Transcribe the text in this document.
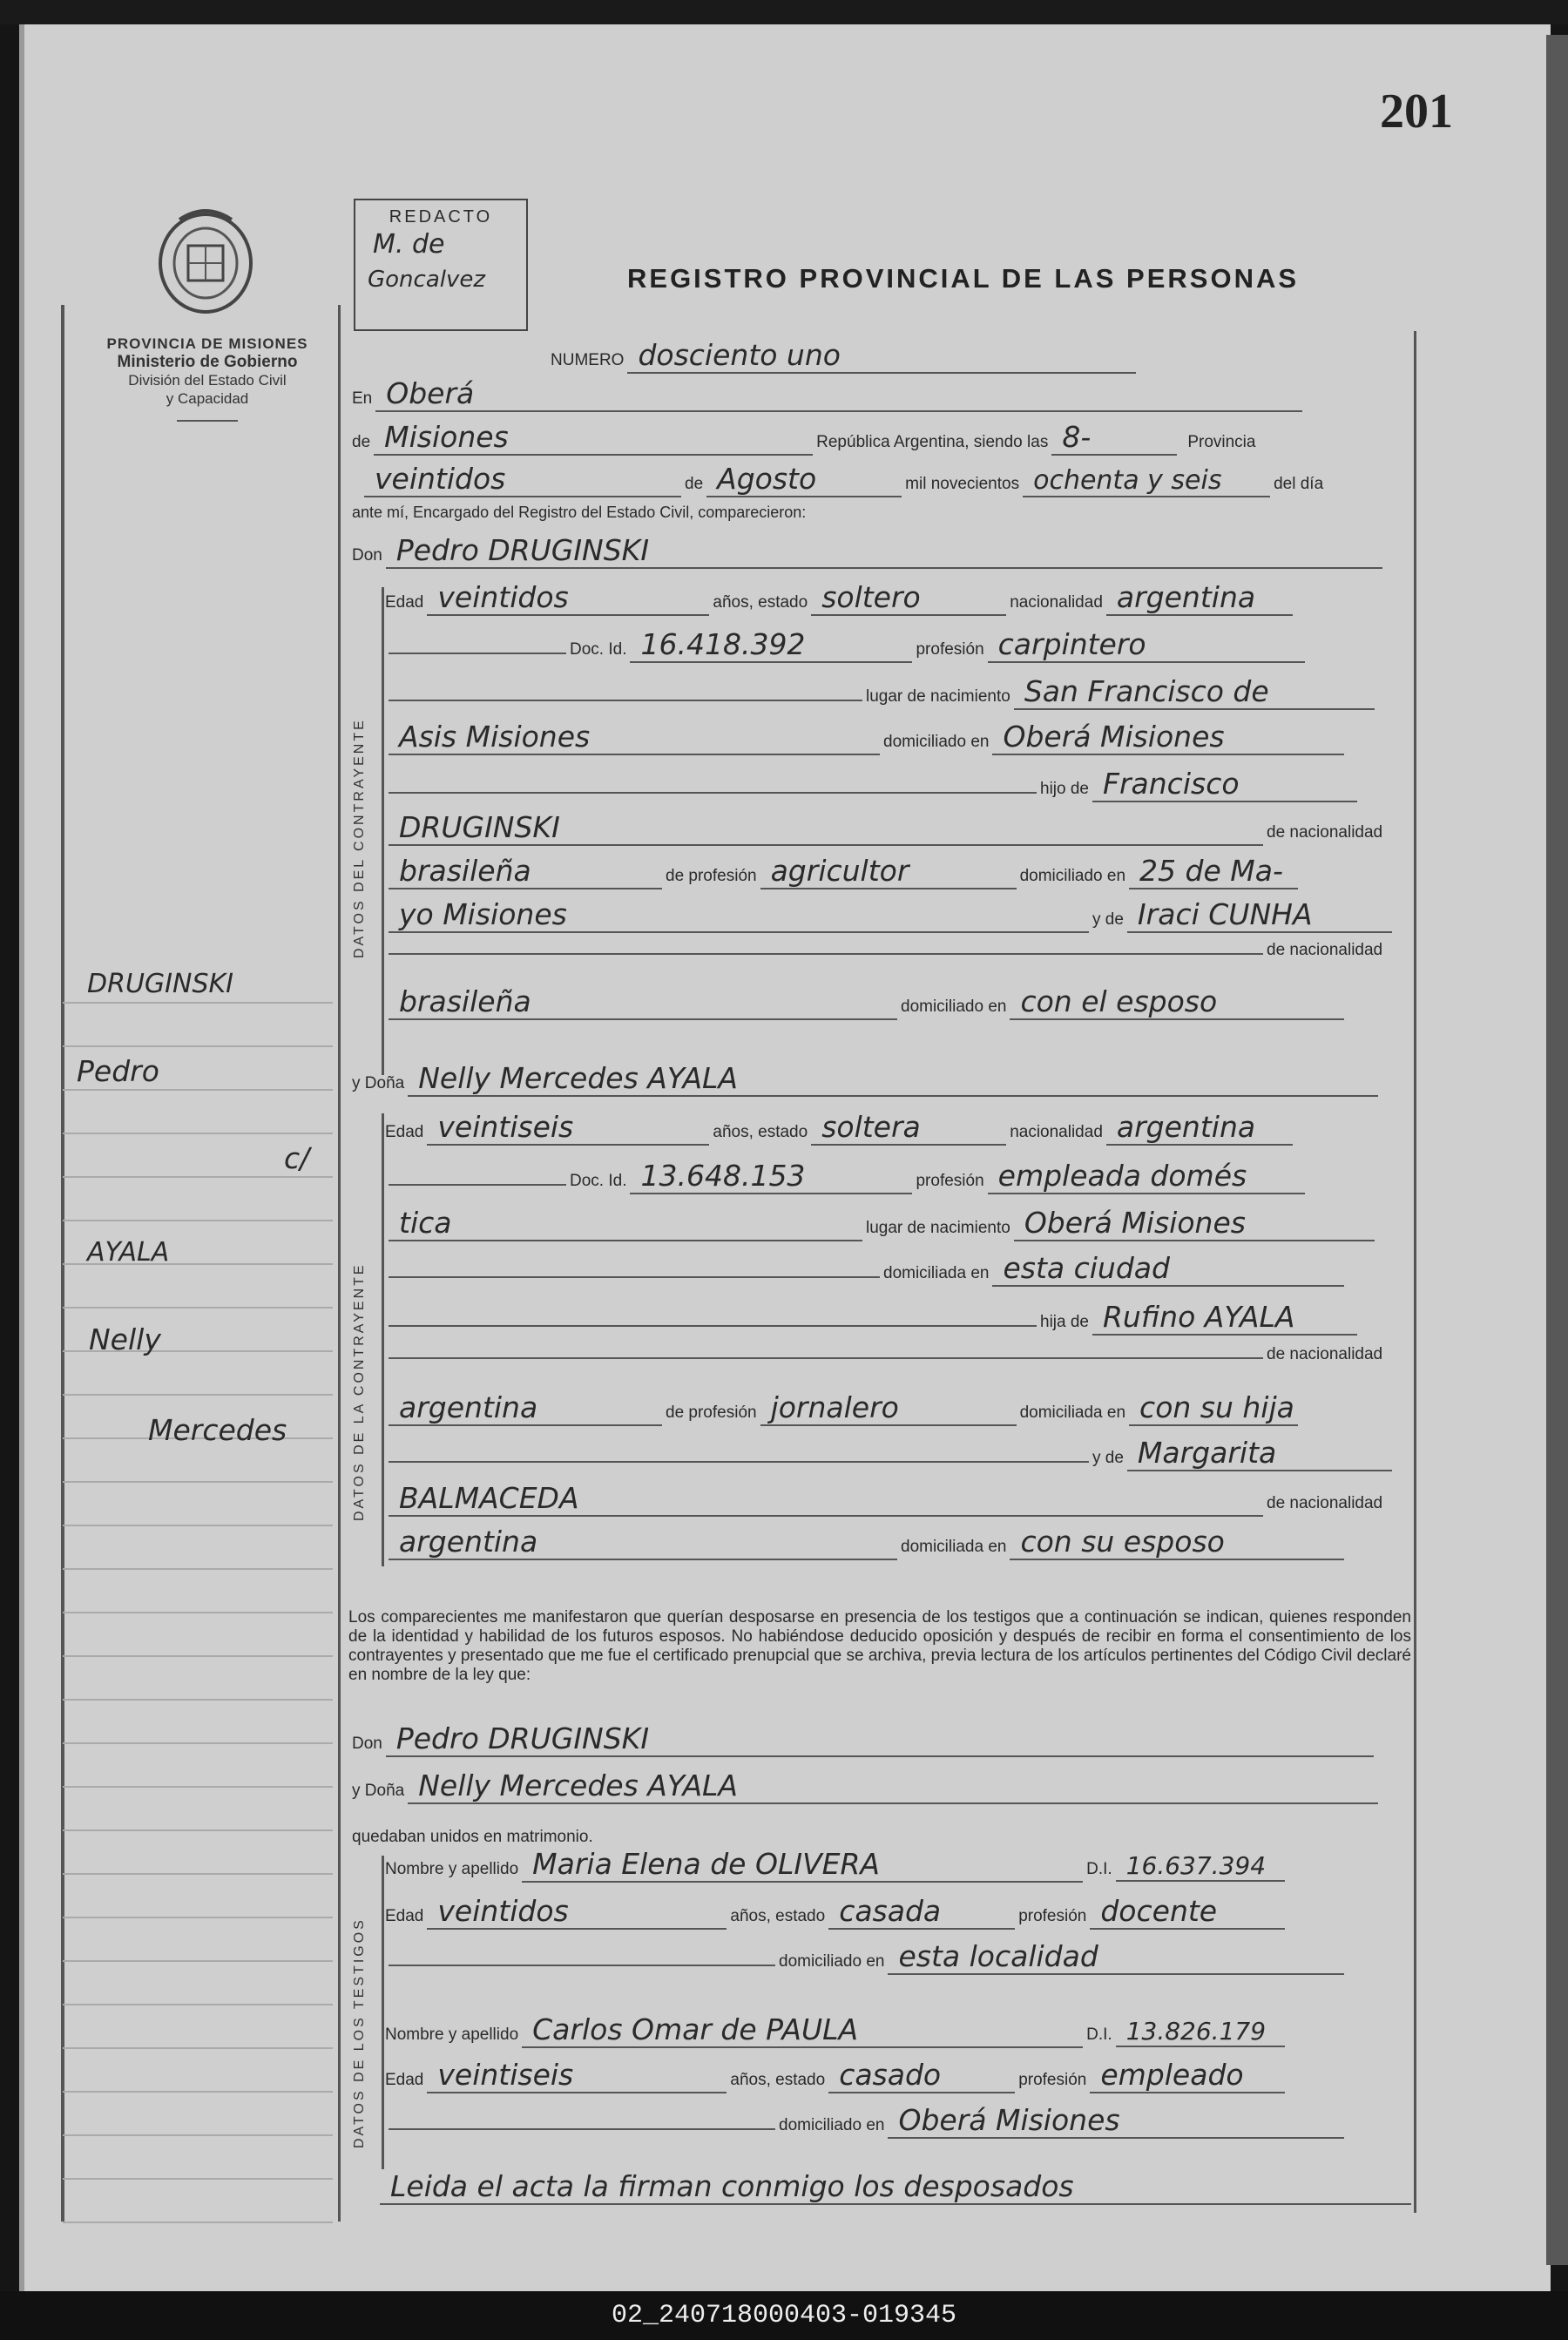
201
PROVINCIA DE MISIONES
Ministerio de Gobierno
División del Estado Civil
y Capacidad
REDACTO
M. de
Goncalvez	REGISTRO PROVINCIAL DE LAS PERSONAS
DRUGINSKI
Pedro
c/
AYALA
Nelly
Mercedes
NUMERO dosciento uno
En Oberá
de Misiones	República Argentina, siendo las 8-	Provincia
veintidos	de Agosto	mil novecientos ochenta y seis	del día
ante mí, Encargado del Registro del Estado Civil, comparecieron:
Don Pedro DRUGINSKI
DATOS DEL CONTRAYENTE
Edad veintidos	años, estado soltero	nacionalidad argentina
Doc. Id. 16.418.392	profesión carpintero
lugar de nacimiento San Francisco de
Asis Misiones	domiciliado en Oberá Misiones
hijo de Francisco
DRUGINSKI	de nacionalidad
brasileña	de profesión agricultor	domiciliado en 25 de Ma-
yo Misiones	y de Iraci CUNHA
de nacionalidad
brasileña	domiciliado en con el esposo
y Doña Nelly Mercedes AYALA
DATOS DE LA CONTRAYENTE
Edad veintiseis	años, estado soltera	nacionalidad argentina
Doc. Id. 13.648.153	profesión empleada domés
tica	lugar de nacimiento Oberá Misiones
domiciliada en esta ciudad
hija de Rufino AYALA
de nacionalidad
argentina	de profesión jornalero	domiciliada en con su hija
y de Margarita
BALMACEDA	de nacionalidad
argentina	domiciliada en con su esposo
Los comparecientes me manifestaron que querían desposarse en presencia de los testigos que a continuación se indican, quienes responden de la identidad y habilidad de los futuros esposos. No habiéndose deducido oposición y después de recibir en forma el consentimiento de los contrayentes y presentado que me fue el certificado prenupcial que se archiva, previa lectura de los artículos pertinentes del Código Civil declaré en nombre de la ley que:
Don Pedro DRUGINSKI
y Doña Nelly Mercedes AYALA
quedaban unidos en matrimonio.
DATOS DE LOS TESTIGOS
Nombre y apellido Maria Elena de OLIVERA	D.I. 16.637.394
Edad veintidos	años, estado casada	profesión docente
domiciliado en esta localidad
Nombre y apellido Carlos Omar de PAULA	D.I. 13.826.179
Edad veintiseis	años, estado casado	profesión empleado
domiciliado en Oberá Misiones
Leida el acta la firman conmigo los desposados
02_240718000403-019345
